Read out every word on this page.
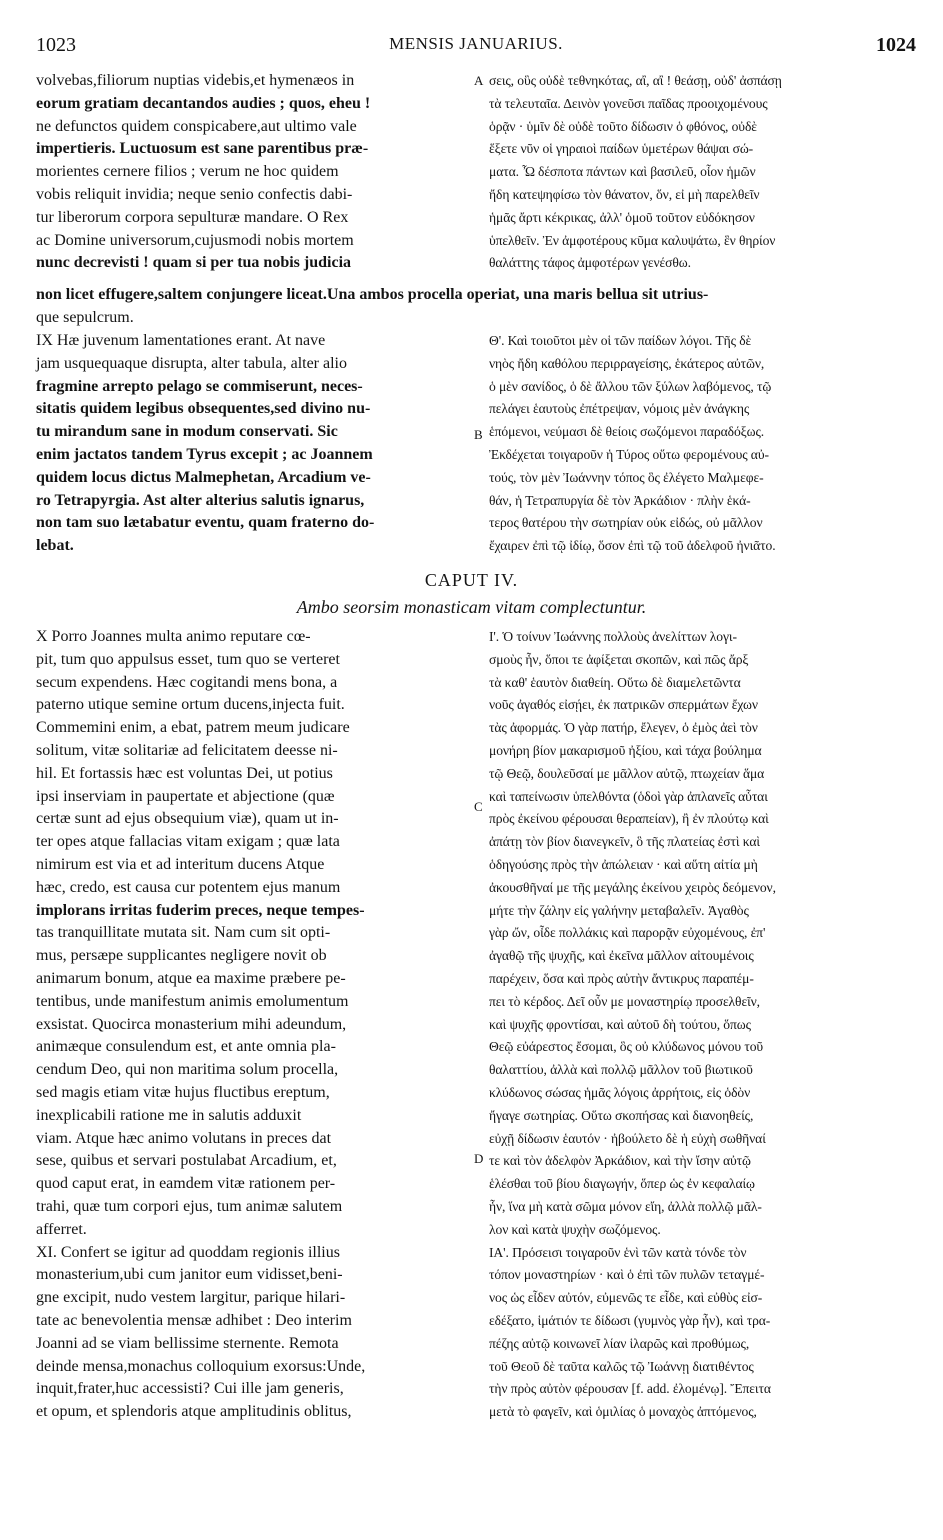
1023	MENSIS JANUARIUS.	1024
volvebas,filiorum nuptias videbis,et hymenæos in
eorum gratiam decantandos audies ; quos, eheu !
ne defunctos quidem conspicabere,aut ultimo vale
impertieris. Luctuosum est sane parentibus præ-
morientes cernere filios ; verum ne hoc quidem
vobis reliquit invidia; neque senio confectis dabi-
tur liberorum corpora sepulturæ mandare. O Rex
ac Domine universorum,cujusmodi nobis mortem
nunc decrevisti ! quam si per tua nobis judicia
A σεις, οὓς οὐδὲ τεθνηκότας, αἲ, αἲ ! θεάσῃ, οὐδ' ἀσπάσῃ
τὰ τελευταῖα. Δεινὸν γονεῦσι παῖδας προοιχομένους
ὁρᾷν · ὑμῖν δὲ οὐδὲ τοῦτο δίδωσιν ὁ φθόνος, οὐδὲ
ἕξετε νῦν οἱ γηραιοὶ παίδων ὑμετέρων θάψαι σώ-
ματα. Ὦ δέσποτα πάντων καὶ βασιλεῦ, οἷον ἡμῶν
ἤδη κατεψηφίσω τὸν θάνατον, ὅν, εἰ μὴ παρελθεῖν
ἡμᾶς ἄρτι κέκρικας, ἀλλ' ὁμοῦ τοῦτον εὐδόκησον
ὑπελθεῖν. Ἐν ἀμφοτέρους κῦμα καλυψάτω, ἓν θηρίον
θαλάττης τάφος ἀμφοτέρων γενέσθω.
non licet effugere,saltem conjungere liceat.Una ambos procella operiat, una maris bellua sit utrius-
que sepulcrum.
IX Hæ juvenum lamentationes erant. At nave
jam usquequaque disrupta, alter tabula, alter alio
fragmine arrepto pelago se commiserunt, neces-
sitatis quidem legibus obsequentes,sed divino nu-
tu mirandum sane in modum conservati. Sic
enim jactatos tandem Tyrus excepit ; ac Joannem
quidem locus dictus Malmephetan, Arcadium ve-
ro Tetrapyrgia. Ast alter alterius salutis ignarus,
non tam suo lætabatur eventu, quam fraterno do-
lebat.
B
Θ'. Καὶ τοιοῦτοι μὲν οἱ τῶν παίδων λόγοι. Τῆς δὲ
νηὸς ἤδη καθόλου περιρραγείσης, ἑκάτερος αὐτῶν,
ὁ μὲν σανίδος, ὁ δὲ ἄλλου τῶν ξύλων λαβόμενος, τῷ
πελάγει ἑαυτοὺς ἐπέτρεψαν, νόμοις μὲν ἀνάγκης
ἑπόμενοι, νεύμασι δὲ θείοις σωζόμενοι παραδόξως.
Ἐκδέχεται τοιγαροῦν ἡ Τύρος οὕτω φερομένους αὐ-
τούς, τὸν μὲν Ἰωάννην τόπος ὃς ἐλέγετο Μαλμεφε-
θάν, ἡ Τετραπυργία δὲ τὸν Ἀρκάδιον · πλὴν ἑκά-
τερος θατέρου τὴν σωτηρίαν οὐκ εἰδώς, οὐ μᾶλλον
ἔχαιρεν ἐπὶ τῷ ἰδίῳ, ὅσον ἐπὶ τῷ τοῦ ἀδελφοῦ ἠνιᾶτο.
CAPUT IV.
Ambo seorsim monasticam vitam complectuntur.
X Porro Joannes multa animo reputare cœ-
pit, tum quo appulsus esset, tum quo se verteret
secum expendens. Hæc cogitandi mens bona, a
paterno utique semine ortum ducens,injecta fuit.
Commemini enim, a ebat, patrem meum judicare
solitum, vitæ solitariæ ad felicitatem deesse ni-
hil. Et fortassis hæc est voluntas Dei, ut potius
ipsi inserviam in paupertate et abjectione (quæ
certæ sunt ad ejus obsequium viæ), quam ut in-
ter opes atque fallacias vitam exigam ; quæ lata
nimirum est via et ad interitum ducens Atque
hæc, credo, est causa cur potentem ejus manum
implorans irritas fuderim preces, neque tempes-
tas tranquillitate mutata sit. Nam cum sit opti-
mus, persæpe supplicantes negligere novit ob
animarum bonum, atque ea maxime præbere pe-
tentibus, unde manifestum animis emolumentum
exsistat. Quocirca monasterium mihi adeundum,
animæque consulendum est, et ante omnia pla-
cendum Deo, qui non maritima solum procella,
sed magis etiam vitæ hujus fluctibus ereptum,
inexplicabili ratione me in salutis adduxit
viam. Atque hæc animo volutans in preces dat
sese, quibus et servari postulabat Arcadium, et,
quod caput erat, in eamdem vitæ rationem per-
trahi, quæ tum corpori ejus, tum animæ salutem
afferret.
XI. Confert se igitur ad quoddam regionis illius
monasterium,ubi cum janitor eum vidisset,beni-
gne excipit, nudo vestem largitur, parique hilari-
tate ac benevolentia mensæ adhibet : Deo interim
Joanni ad se viam bellissime sternente. Remota
deinde mensa,monachus colloquium exorsus:Unde,
inquit,frater,huc accessisti? Cui ille jam generis,
et opum, et splendoris atque amplitudinis oblitus,
C
D
Ι'. Ὁ τοίνυν Ἰωάννης πολλοὺς ἀνελίττων λογι-
σμοὺς ἦν, ὅποι τε ἀφίξεται σκοπῶν, καὶ πῶς ἄρξ
τὰ καθ' ἑαυτὸν διαθείη. Οὕτω δὲ διαμελετῶντα
νοῦς ἀγαθός εἰσῄει, ἐκ πατρικῶν σπερμάτων ἔχων
τὰς ἀφορμάς. Ὁ γὰρ πατήρ, ἔλεγεν, ὁ ἐμὸς ἀεὶ τὸν
μονήρη βίον μακαρισμοῦ ἠξίου, καὶ τάχα βούλημα
τῷ Θεῷ, δουλεῦσαί με μᾶλλον αὐτῷ, πτωχείαν ἅμα
καὶ ταπείνωσιν ὑπελθόντα (ὁδοὶ γὰρ ἀπλανεῖς αὗται
πρὸς ἐκείνου φέρουσαι θεραπείαν), ἢ ἐν πλούτῳ καὶ
ἀπάτῃ τὸν βίον διανεγκεῖν, ὃ τῆς πλατείας ἐστὶ καὶ
ὁδηγούσης πρὸς τὴν ἀπώλειαν · καὶ αὕτη αἰτία μὴ
ἀκουσθῆναί με τῆς μεγάλης ἐκείνου χειρὸς δεόμενον,
μήτε τὴν ζάλην εἰς γαλήνην μεταβαλεῖν. Ἀγαθὸς
γὰρ ὤν, οἶδε πολλάκις καὶ παρορᾷν εὐχομένους, ἐπ'
ἀγαθῷ τῆς ψυχῆς, καὶ ἐκεῖνα μᾶλλον αἰτουμένοις
παρέχειν, ὅσα καὶ πρὸς αὐτὴν ἄντικρυς παραπέμ-
πει τὸ κέρδος. Δεῖ οὖν με μοναστηρίῳ προσελθεῖν,
καὶ ψυχῆς φροντίσαι, καὶ αὐτοῦ δὴ τούτου, ὅπως
Θεῷ εὐάρεστος ἔσομαι, ὃς οὐ κλύδωνος μόνου τοῦ
θαλαττίου, ἀλλὰ καὶ πολλῷ μᾶλλον τοῦ βιωτικοῦ
κλύδωνος σώσας ἡμᾶς λόγοις ἀρρήτοις, εἰς ὁδὸν
ἤγαγε σωτηρίας. Οὕτω σκοπήσας καὶ διανοηθείς,
εὐχῇ δίδωσιν ἑαυτόν · ἠβούλετο δὲ ἡ εὐχὴ σωθῆναί
τε καὶ τὸν ἀδελφὸν Ἀρκάδιον, καὶ τὴν ἴσην αὐτῷ
ἑλέσθαι τοῦ βίου διαγωγήν, ὅπερ ὡς ἐν κεφαλαίῳ
ἦν, ἵνα μὴ κατὰ σῶμα μόνον εἴη, ἀλλὰ πολλῷ μᾶλ-
λον καὶ κατὰ ψυχὴν σωζόμενος.
ΙΑ'. Πρόσεισι τοιγαροῦν ἑνὶ τῶν κατὰ τόνδε τὸν
τόπον μοναστηρίων · καὶ ὁ ἐπὶ τῶν πυλῶν τεταγμέ-
νος ὡς εἶδεν αὐτόν, εὐμενῶς τε εἶδε, καὶ εὐθὺς εἰσ-
εδέξατο, ἱμάτιόν τε δίδωσι (γυμνὸς γὰρ ἦν), καὶ τρα-
πέζης αὐτῷ κοινωνεῖ λίαν ἱλαρῶς καὶ προθύμως,
τοῦ Θεοῦ δὲ ταῦτα καλῶς τῷ Ἰωάννῃ διατιθέντος
τὴν πρὸς αὐτὸν φέρουσαν [f. add. ἐλομένῳ]. Ἔπειτα
μετὰ τὸ φαγεῖν, καὶ ὁμιλίας ὁ μοναχὸς ἀπτόμενος,
